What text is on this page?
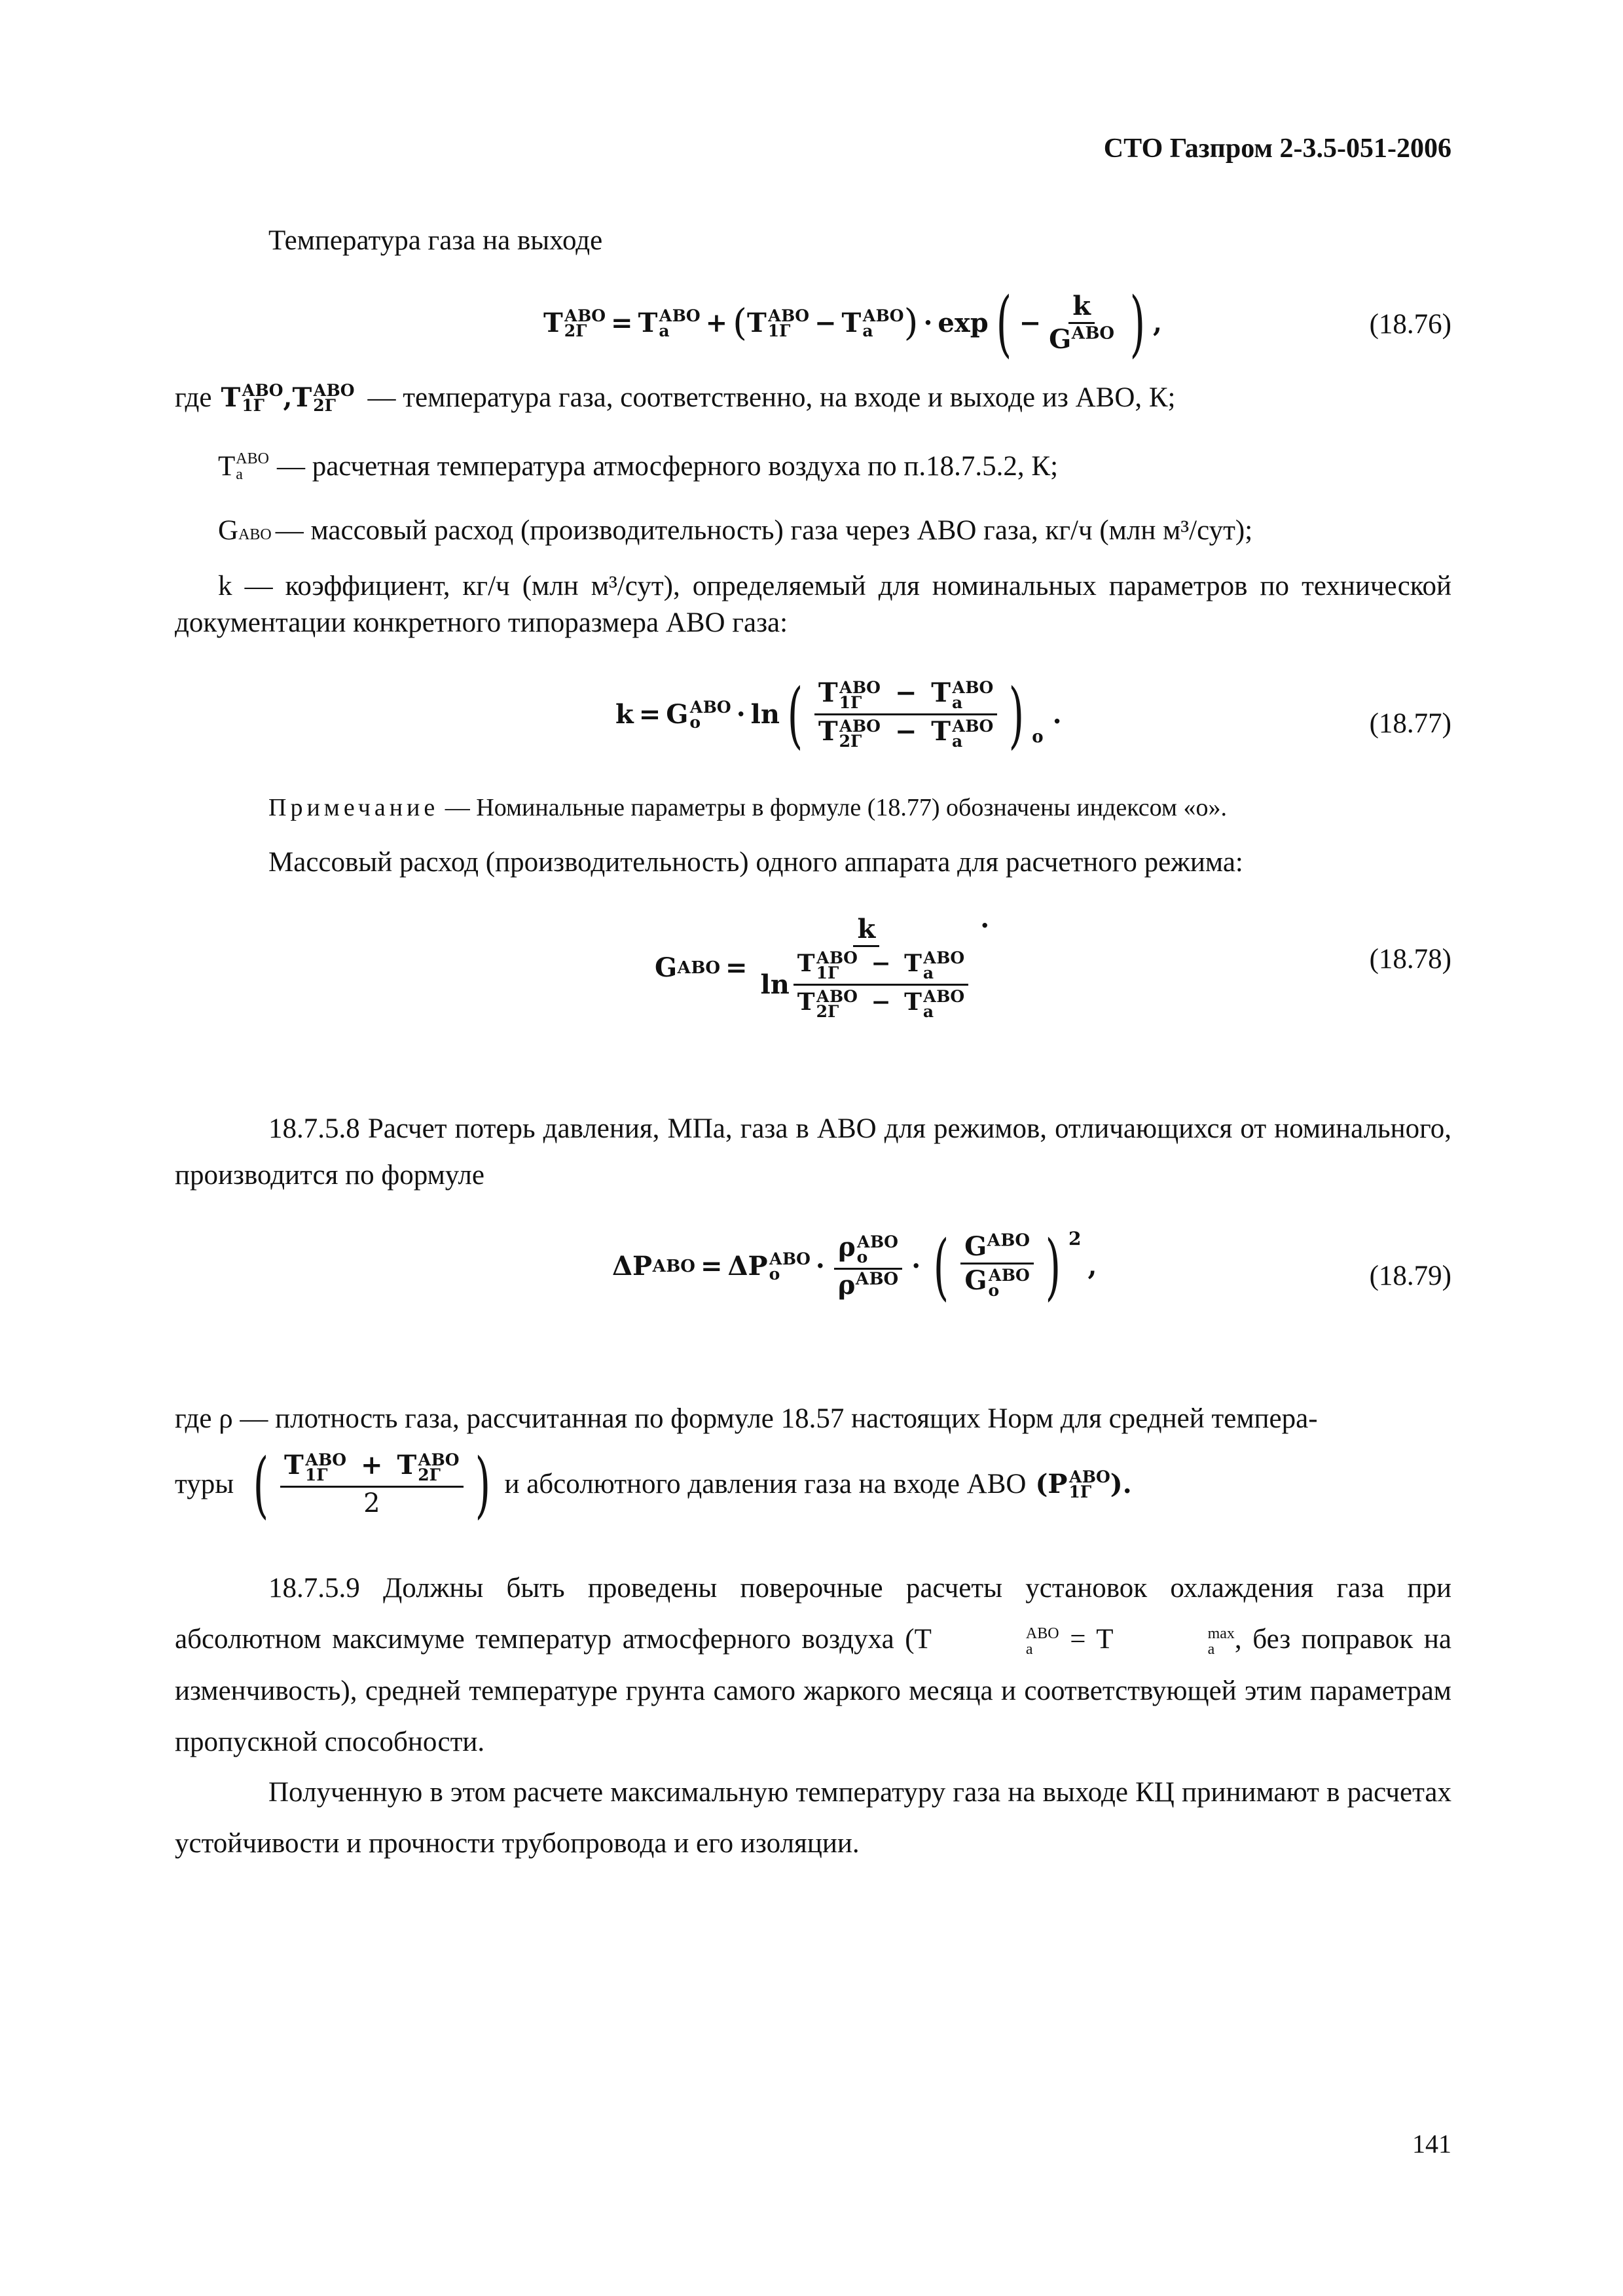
СТО Газпром 2-3.5-051-2006
Температура газа на выходе
T АВО
2Г = T АВО
а	+ ( T АВО
1Г − T АВО
а ) · exp ( − $\frac{k}{G^{АВО}}$ ) ,	(18.76)
где T АВО
1Г , T АВО
2Г	— температура газа, соответственно, на входе и выходе из АВО, К;
T АВО
а	— расчетная температура атмосферного воздуха по п.18.7.5.2, К;
G АВО — массовый расход (производительность) газа через АВО газа, кг/ч (млн м³/сут);
k — коэффициент, кг/ч (млн м³/сут), определяемый для номинальных параметров по технической документации конкретного типоразмера АВО газа:
k = G АВО
о	· ln ( T АВО
1Г	− T АВО
а
T АВО
2Г	− T АВО
а ) о
.	(18.77)
Примечание — Номинальные параметры в формуле (18.77) обозначены индексом «о».
Массовый расход (производительность) одного аппарата для расчетного режима:
G АВО =
k
ln T АВО
1Г	− T АВО
а
T АВО
2Г	− T АВО
а
.
(18.78)
18.7.5.8 Расчет потерь давления, МПа, газа в АВО для режимов, отличающихся от номинального, производится по формуле
ΔP АВО = ΔP АВО
о	· ρ АВО
о
$\rho^{АВО}$ · ( $G^{АВО}$
G АВО
о ) 2
,	(18.79)
где ρ — плотность газа, рассчитанная по формуле 18.57 настоящих Норм для средней темпера-
туры ( T АВО
1Г	+ T АВО
2Г
2 ) и абсолютного давления газа на входе АВО ( P АВО
1Г ) .
18.7.5.9 Должны быть проведены поверочные расчеты установок охлаждения газа при абсолютном максимуме температур атмосферного воздуха (T	АВО
а	= T	max
а , без поправок на изменчивость), средней температуре грунта самого жаркого месяца и соответствующей этим параметрам пропускной способности.
Полученную в этом расчете максимальную температуру газа на выходе КЦ принимают в расчетах устойчивости и прочности трубопровода и его изоляции.
141
